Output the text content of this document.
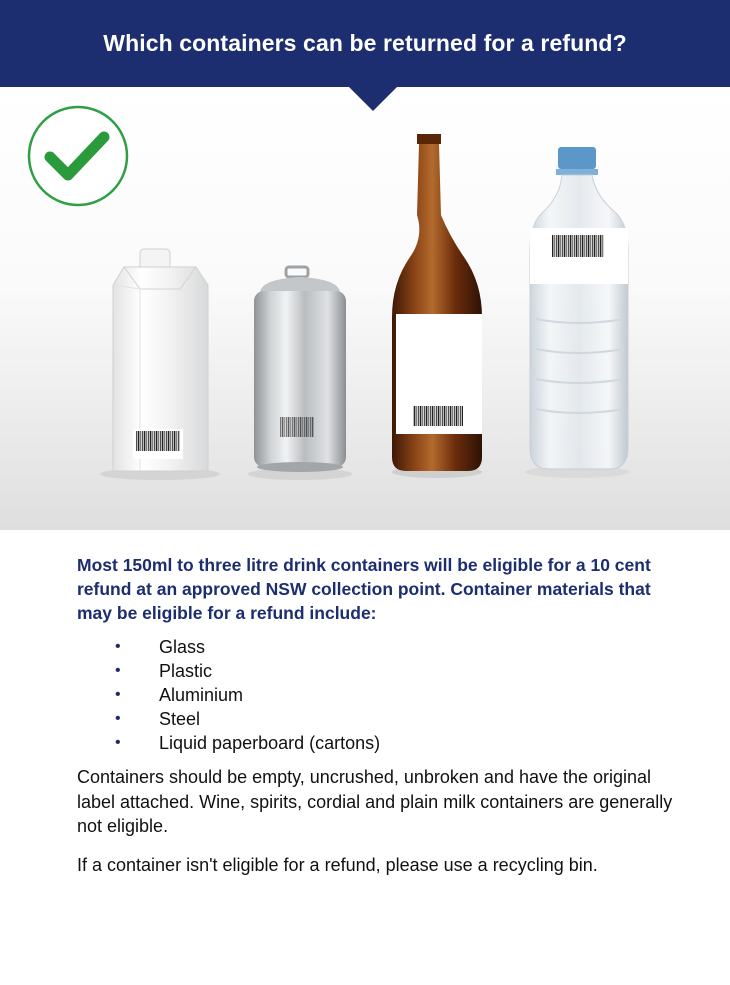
Which containers can be returned for a refund?

Most 150ml to three litre drink containers will be eligible for a 10 cent refund at an approved NSW collection point. Container materials that may be eligible for a refund include:

• Glass
• Plastic
• Aluminium
• Steel
• Liquid paperboard (cartons)

Containers should be empty, uncrushed, unbroken and have the original label attached. Wine, spirits, cordial and plain milk containers are generally not eligible.

If a container isn't eligible for a refund, please use a recycling bin.
